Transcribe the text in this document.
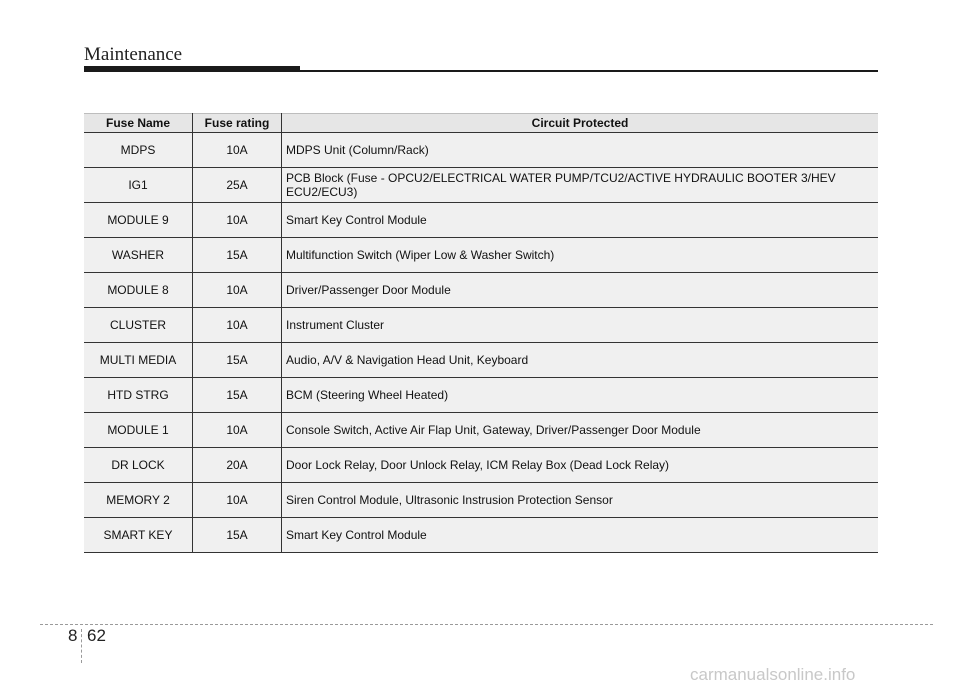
Maintenance
Fuse Name	Fuse rating	Circuit Protected
MDPS	10A	MDPS Unit (Column/Rack)
IG1	25A	PCB Block (Fuse - OPCU2/ELECTRICAL WATER PUMP/TCU2/ACTIVE HYDRAULIC BOOTER 3/HEV ECU2/ECU3)
MODULE 9	10A	Smart Key Control Module
WASHER	15A	Multifunction Switch (Wiper Low & Washer Switch)
MODULE 8	10A	Driver/Passenger Door Module
CLUSTER	10A	Instrument Cluster
MULTI MEDIA	15A	Audio, A/V & Navigation Head Unit, Keyboard
HTD STRG	15A	BCM (Steering Wheel Heated)
MODULE 1	10A	Console Switch, Active Air Flap Unit, Gateway, Driver/Passenger Door Module
DR LOCK	20A	Door Lock Relay, Door Unlock Relay, ICM Relay Box (Dead Lock Relay)
MEMORY 2	10A	Siren Control Module, Ultrasonic Instrusion Protection Sensor
SMART KEY	15A	Smart Key Control Module
8 62
carmanualsonline.info
